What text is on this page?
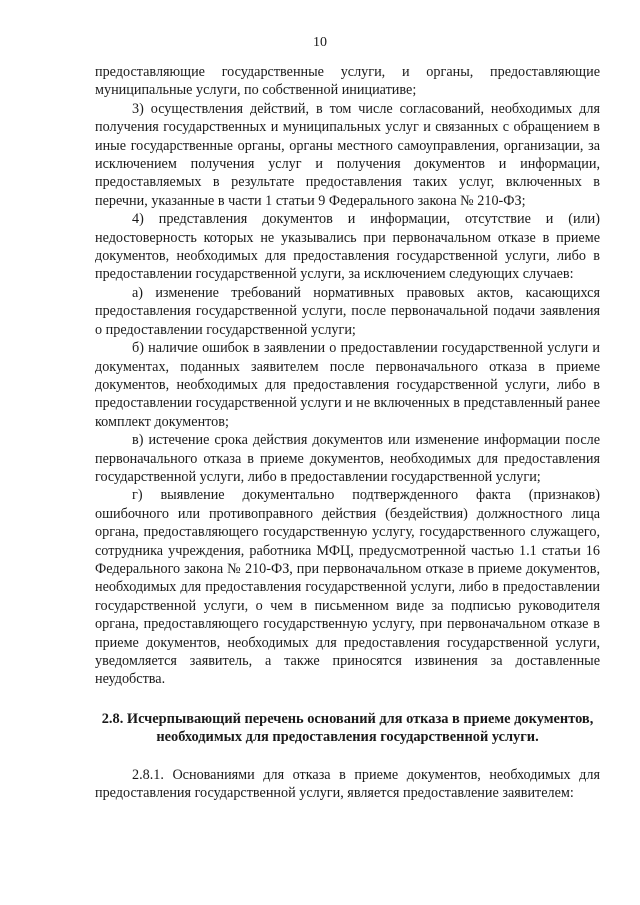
10

предоставляющие государственные услуги, и органы, предоставляющие муниципальные услуги, по собственной инициативе;

3) осуществления действий, в том числе согласований, необходимых для получения государственных и муниципальных услуг и связанных с обращением в иные государственные органы, органы местного самоуправления, организации, за исключением получения услуг и получения документов и информации, предоставляемых в результате предоставления таких услуг, включенных в перечни, указанные в части 1 статьи 9 Федерального закона № 210-ФЗ;

4) представления документов и информации, отсутствие и (или) недостоверность которых не указывались при первоначальном отказе в приеме документов, необходимых для предоставления государственной услуги, либо в предоставлении государственной услуги, за исключением следующих случаев:

а) изменение требований нормативных правовых актов, касающихся предоставления государственной услуги, после первоначальной подачи заявления о предоставлении государственной услуги;

б) наличие ошибок в заявлении о предоставлении государственной услуги и документах, поданных заявителем после первоначального отказа в приеме документов, необходимых для предоставления государственной услуги, либо в предоставлении государственной услуги и не включенных в представленный ранее комплект документов;

в) истечение срока действия документов или изменение информации после первоначального отказа в приеме документов, необходимых для предоставления государственной услуги, либо в предоставлении государственной услуги;

г) выявление документально подтвержденного факта (признаков) ошибочного или противоправного действия (бездействия) должностного лица органа, предоставляющего государственную услугу, государственного служащего, сотрудника учреждения, работника МФЦ, предусмотренной частью 1.1 статьи 16 Федерального закона № 210-ФЗ, при первоначальном отказе в приеме документов, необходимых для предоставления государственной услуги, либо в предоставлении государственной услуги, о чем в письменном виде за подписью руководителя органа, предоставляющего государственную услугу, при первоначальном отказе в приеме документов, необходимых для предоставления государственной услуги, уведомляется заявитель, а также приносятся извинения за доставленные неудобства.

2.8. Исчерпывающий перечень оснований для отказа в приеме документов, необходимых для предоставления государственной услуги.

2.8.1. Основаниями для отказа в приеме документов, необходимых для предоставления государственной услуги, является предоставление заявителем:
